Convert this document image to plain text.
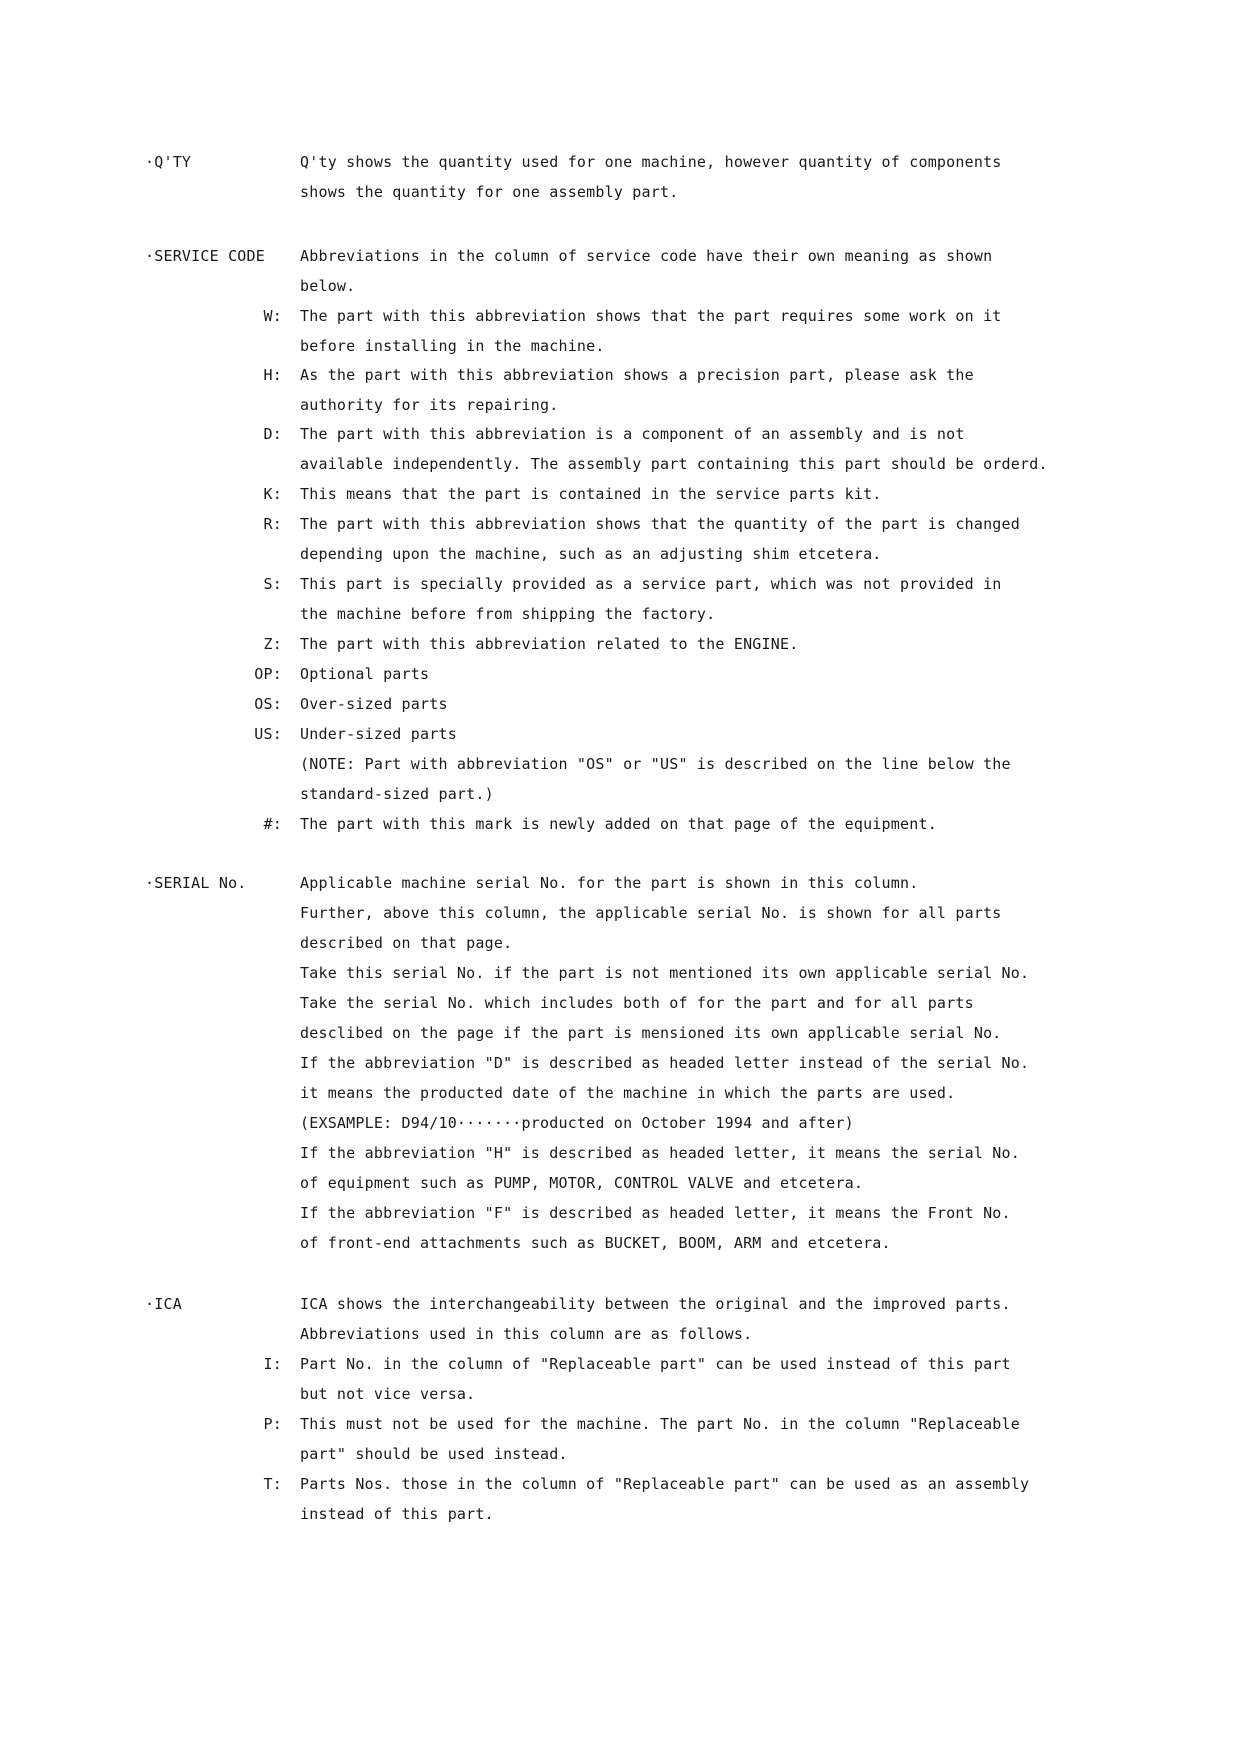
·Q'TY	Q'ty shows the quantity used for one machine, however quantity of components
shows the quantity for one assembly part.
·SERVICE CODE Abbreviations in the column of service code have their own meaning as shown
below.
W: The part with this abbreviation shows that the part requires some work on it
before installing in the machine.
H: As the part with this abbreviation shows a precision part, please ask the
authority for its repairing.
D: The part with this abbreviation is a component of an assembly and is not
available independently. The assembly part containing this part should be orderd.
K: This means that the part is contained in the service parts kit.
R: The part with this abbreviation shows that the quantity of the part is changed
depending upon the machine, such as an adjusting shim etcetera.
S: This part is specially provided as a service part, which was not provided in
the machine before from shipping the factory.
Z: The part with this abbreviation related to the ENGINE.
OP: Optional parts
OS: Over-sized parts
US: Under-sized parts
(NOTE: Part with abbreviation "OS" or "US" is described on the line below the
standard-sized part.)
#: The part with this mark is newly added on that page of the equipment.
·SERIAL No.	Applicable machine serial No. for the part is shown in this column.
Further, above this column, the applicable serial No. is shown for all parts
described on that page.
Take this serial No. if the part is not mentioned its own applicable serial No.
Take the serial No. which includes both of for the part and for all parts
desclibed on the page if the part is mensioned its own applicable serial No.
If the abbreviation "D" is described as headed letter instead of the serial No.
it means the producted date of the machine in which the parts are used.
(EXSAMPLE: D94/10·······producted on October 1994 and after)
If the abbreviation "H" is described as headed letter, it means the serial No.
of equipment such as PUMP, MOTOR, CONTROL VALVE and etcetera.
If the abbreviation "F" is described as headed letter, it means the Front No.
of front-end attachments such as BUCKET, BOOM, ARM and etcetera.
·ICA	ICA shows the interchangeability between the original and the improved parts.
Abbreviations used in this column are as follows.
I: Part No. in the column of "Replaceable part" can be used instead of this part
but not vice versa.
P: This must not be used for the machine. The part No. in the column "Replaceable
part" should be used instead.
T: Parts Nos. those in the column of "Replaceable part" can be used as an assembly
instead of this part.
